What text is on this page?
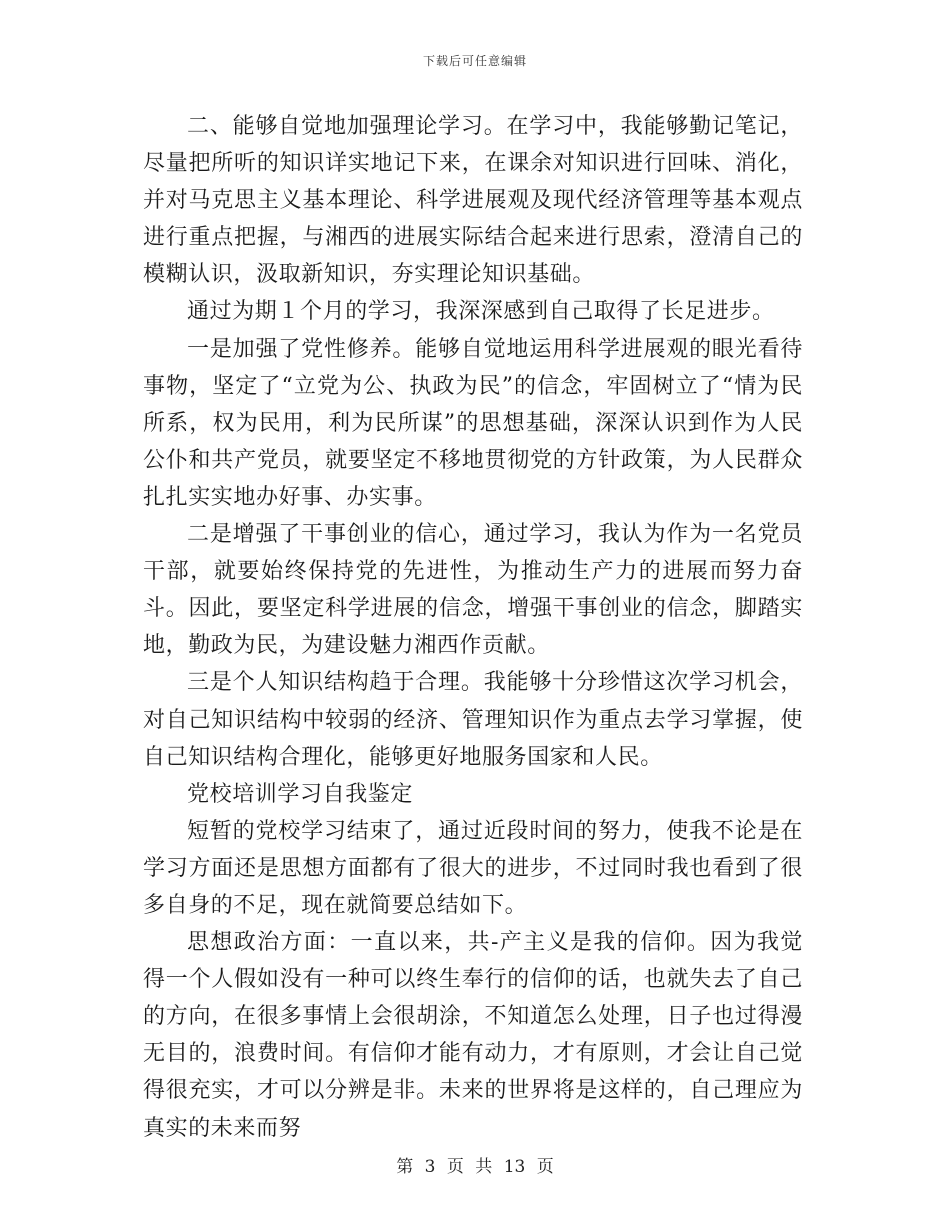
下载后可任意编辑

二、能够自觉地加强理论学习。在学习中，我能够勤记笔记，尽量把所听的知识详实地记下来，在课余对知识进行回味、消化，并对马克思主义基本理论、科学进展观及现代经济管理等基本观点进行重点把握，与湘西的进展实际结合起来进行思索，澄清自己的模糊认识，汲取新知识，夯实理论知识基础。

通过为期１个月的学习，我深深感到自己取得了长足进步。

一是加强了党性修养。能够自觉地运用科学进展观的眼光看待事物，坚定了“立党为公、执政为民”的信念，牢固树立了“情为民所系，权为民用，利为民所谋”的思想基础，深深认识到作为人民公仆和共产党员，就要坚定不移地贯彻党的方针政策，为人民群众扎扎实实地办好事、办实事。

二是增强了干事创业的信心，通过学习，我认为作为一名党员干部，就要始终保持党的先进性，为推动生产力的进展而努力奋斗。因此，要坚定科学进展的信念，增强干事创业的信念，脚踏实地，勤政为民，为建设魅力湘西作贡献。

三是个人知识结构趋于合理。我能够十分珍惜这次学习机会，对自己知识结构中较弱的经济、管理知识作为重点去学习掌握，使自己知识结构合理化，能够更好地服务国家和人民。

党校培训学习自我鉴定

短暂的党校学习结束了，通过近段时间的努力，使我不论是在学习方面还是思想方面都有了很大的进步，不过同时我也看到了很多自身的不足，现在就简要总结如下。

思想政治方面：一直以来，共-产主义是我的信仰。因为我觉得一个人假如没有一种可以终生奉行的信仰的话，也就失去了自己的方向，在很多事情上会很胡涂，不知道怎么处理，日子也过得漫无目的，浪费时间。有信仰才能有动力，才有原则，才会让自己觉得很充实，才可以分辨是非。未来的世界将是这样的，自己理应为真实的未来而努

第 3 页 共 13 页
